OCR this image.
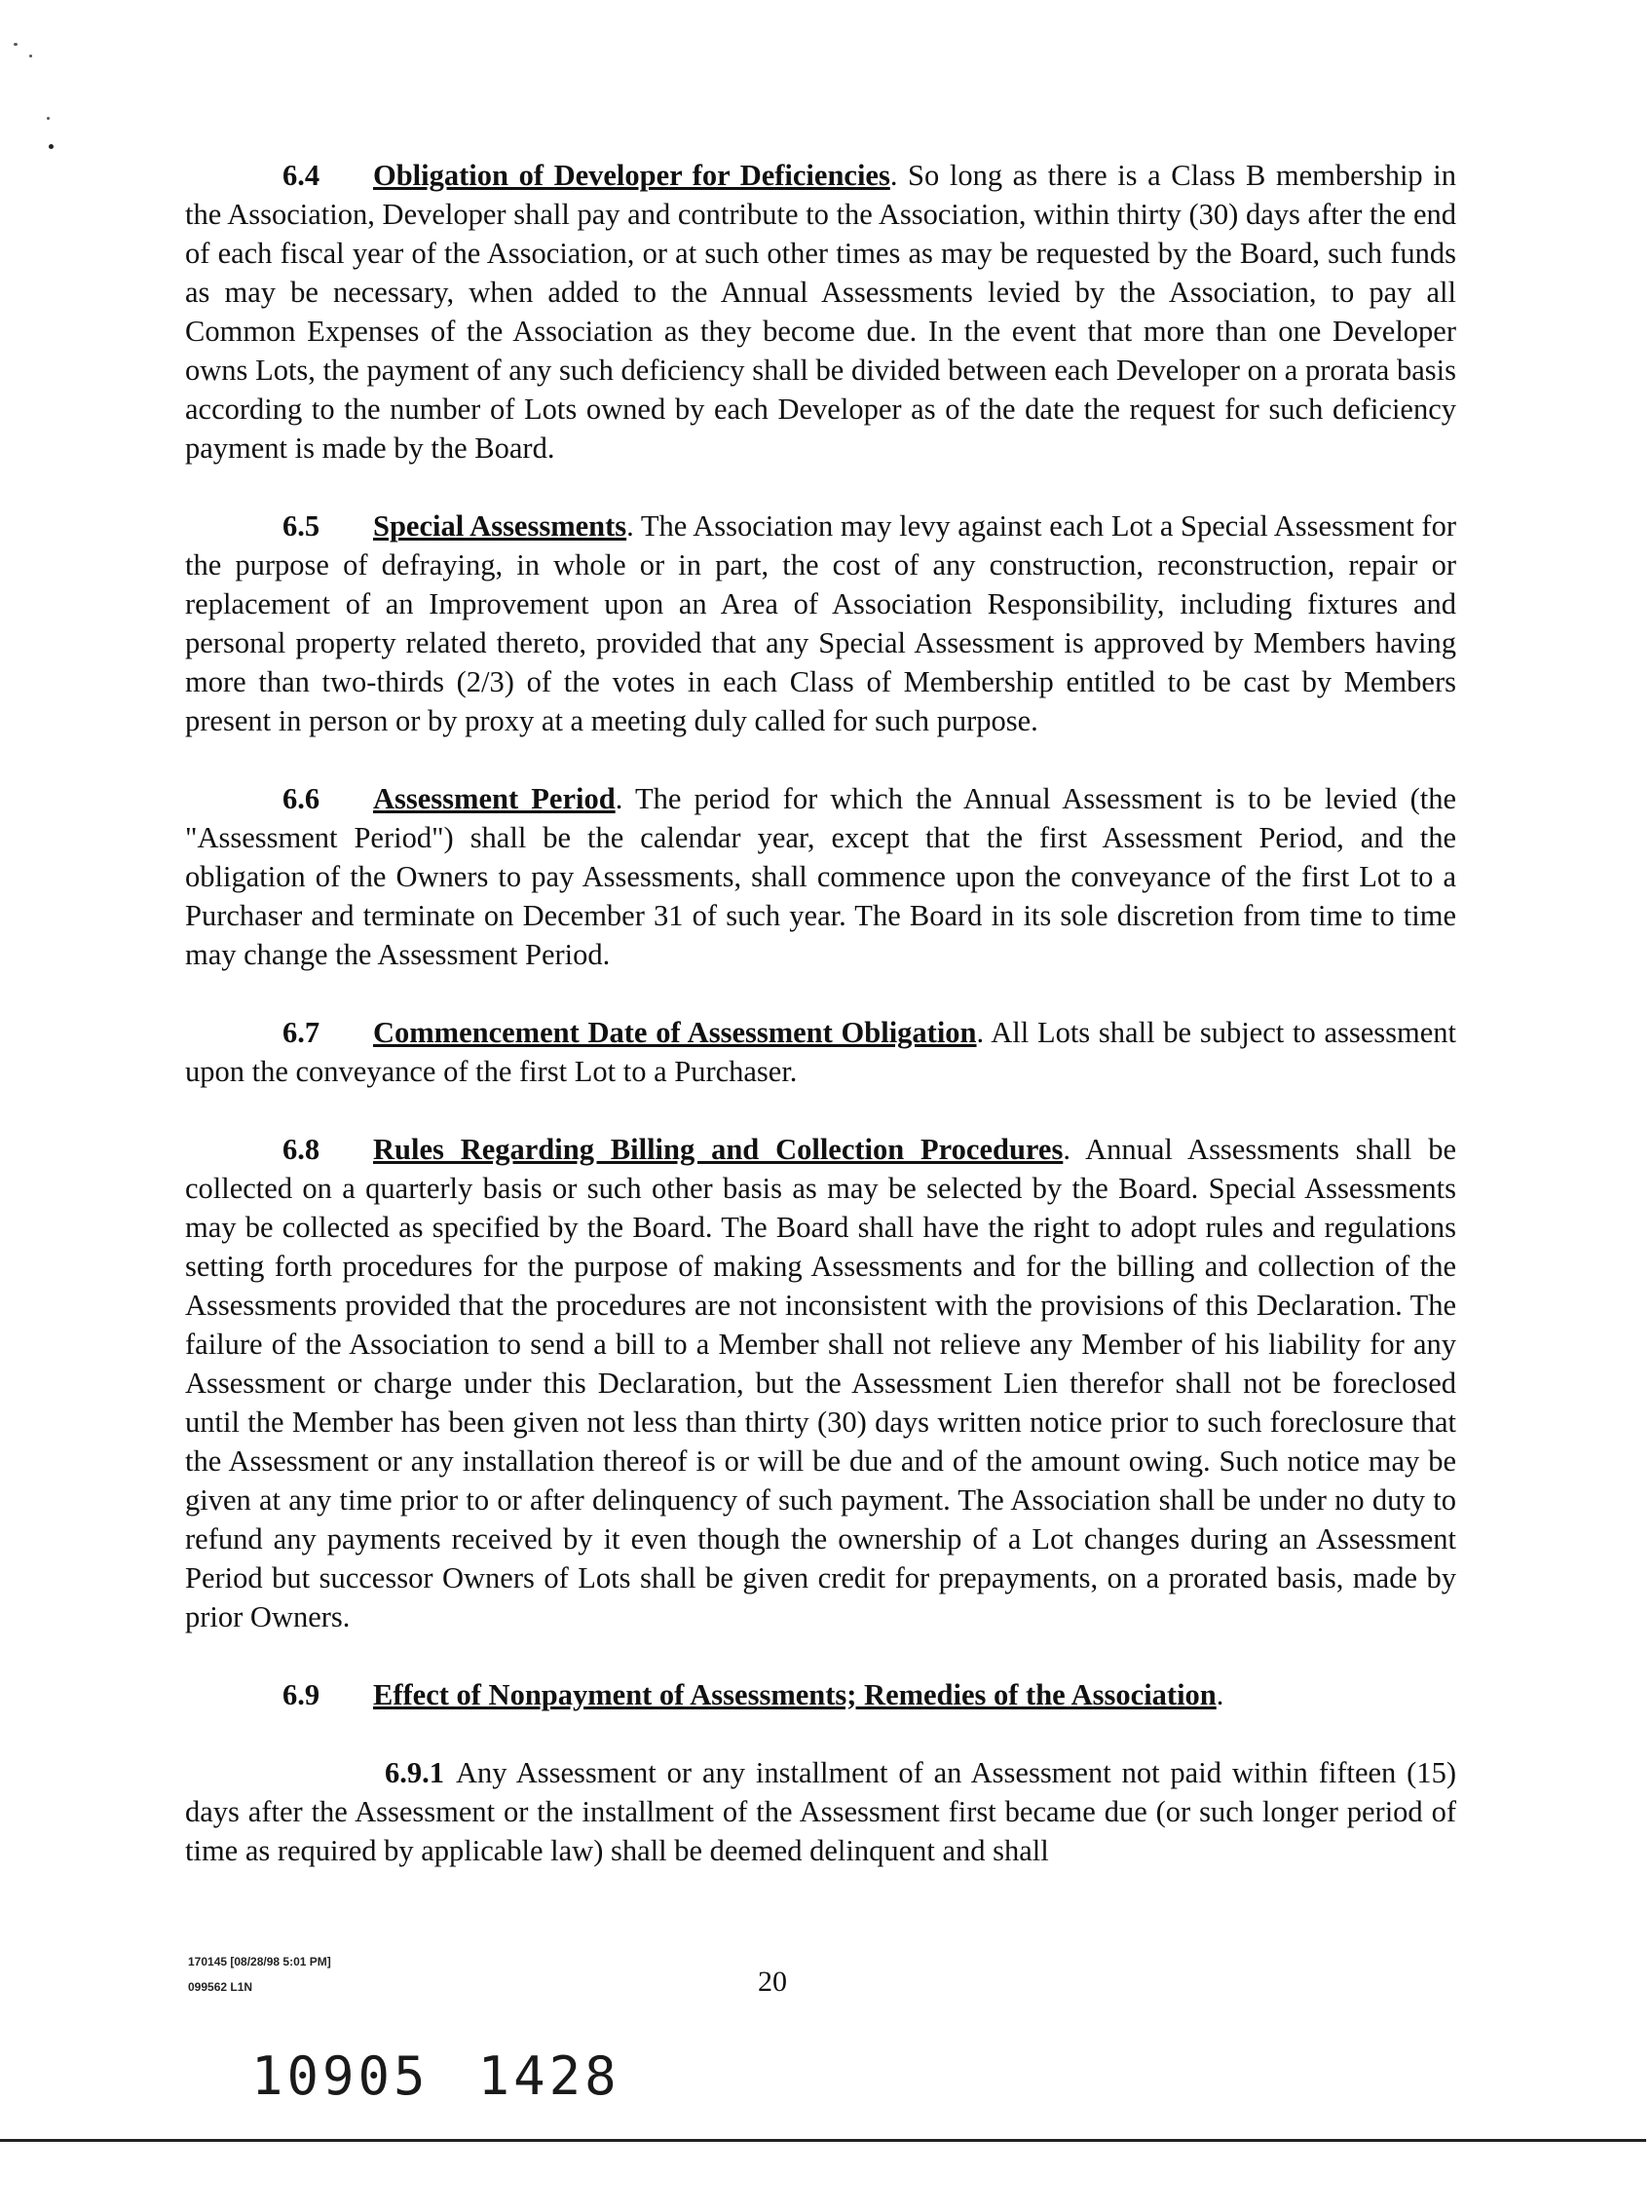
6.4 Obligation of Developer for Deficiencies. So long as there is a Class B membership in the Association, Developer shall pay and contribute to the Association, within thirty (30) days after the end of each fiscal year of the Association, or at such other times as may be requested by the Board, such funds as may be necessary, when added to the Annual Assessments levied by the Association, to pay all Common Expenses of the Association as they become due. In the event that more than one Developer owns Lots, the payment of any such deficiency shall be divided between each Developer on a prorata basis according to the number of Lots owned by each Developer as of the date the request for such deficiency payment is made by the Board.

6.5 Special Assessments. The Association may levy against each Lot a Special Assessment for the purpose of defraying, in whole or in part, the cost of any construction, reconstruction, repair or replacement of an Improvement upon an Area of Association Responsibility, including fixtures and personal property related thereto, provided that any Special Assessment is approved by Members having more than two-thirds (2/3) of the votes in each Class of Membership entitled to be cast by Members present in person or by proxy at a meeting duly called for such purpose.

6.6 Assessment Period. The period for which the Annual Assessment is to be levied (the "Assessment Period") shall be the calendar year, except that the first Assessment Period, and the obligation of the Owners to pay Assessments, shall commence upon the conveyance of the first Lot to a Purchaser and terminate on December 31 of such year. The Board in its sole discretion from time to time may change the Assessment Period.

6.7 Commencement Date of Assessment Obligation. All Lots shall be subject to assessment upon the conveyance of the first Lot to a Purchaser.

6.8 Rules Regarding Billing and Collection Procedures. Annual Assessments shall be collected on a quarterly basis or such other basis as may be selected by the Board. Special Assessments may be collected as specified by the Board. The Board shall have the right to adopt rules and regulations setting forth procedures for the purpose of making Assessments and for the billing and collection of the Assessments provided that the procedures are not inconsistent with the provisions of this Declaration. The failure of the Association to send a bill to a Member shall not relieve any Member of his liability for any Assessment or charge under this Declaration, but the Assessment Lien therefor shall not be foreclosed until the Member has been given not less than thirty (30) days written notice prior to such foreclosure that the Assessment or any installation thereof is or will be due and of the amount owing. Such notice may be given at any time prior to or after delinquency of such payment. The Association shall be under no duty to refund any payments received by it even though the ownership of a Lot changes during an Assessment Period but successor Owners of Lots shall be given credit for prepayments, on a prorated basis, made by prior Owners.

6.9 Effect of Nonpayment of Assessments; Remedies of the Association.

6.9.1 Any Assessment or any installment of an Assessment not paid within fifteen (15) days after the Assessment or the installment of the Assessment first became due (or such longer period of time as required by applicable law) shall be deemed delinquent and shall

170145 [08/28/98 5:01 PM]
099562 L1N	20
10905 1428
